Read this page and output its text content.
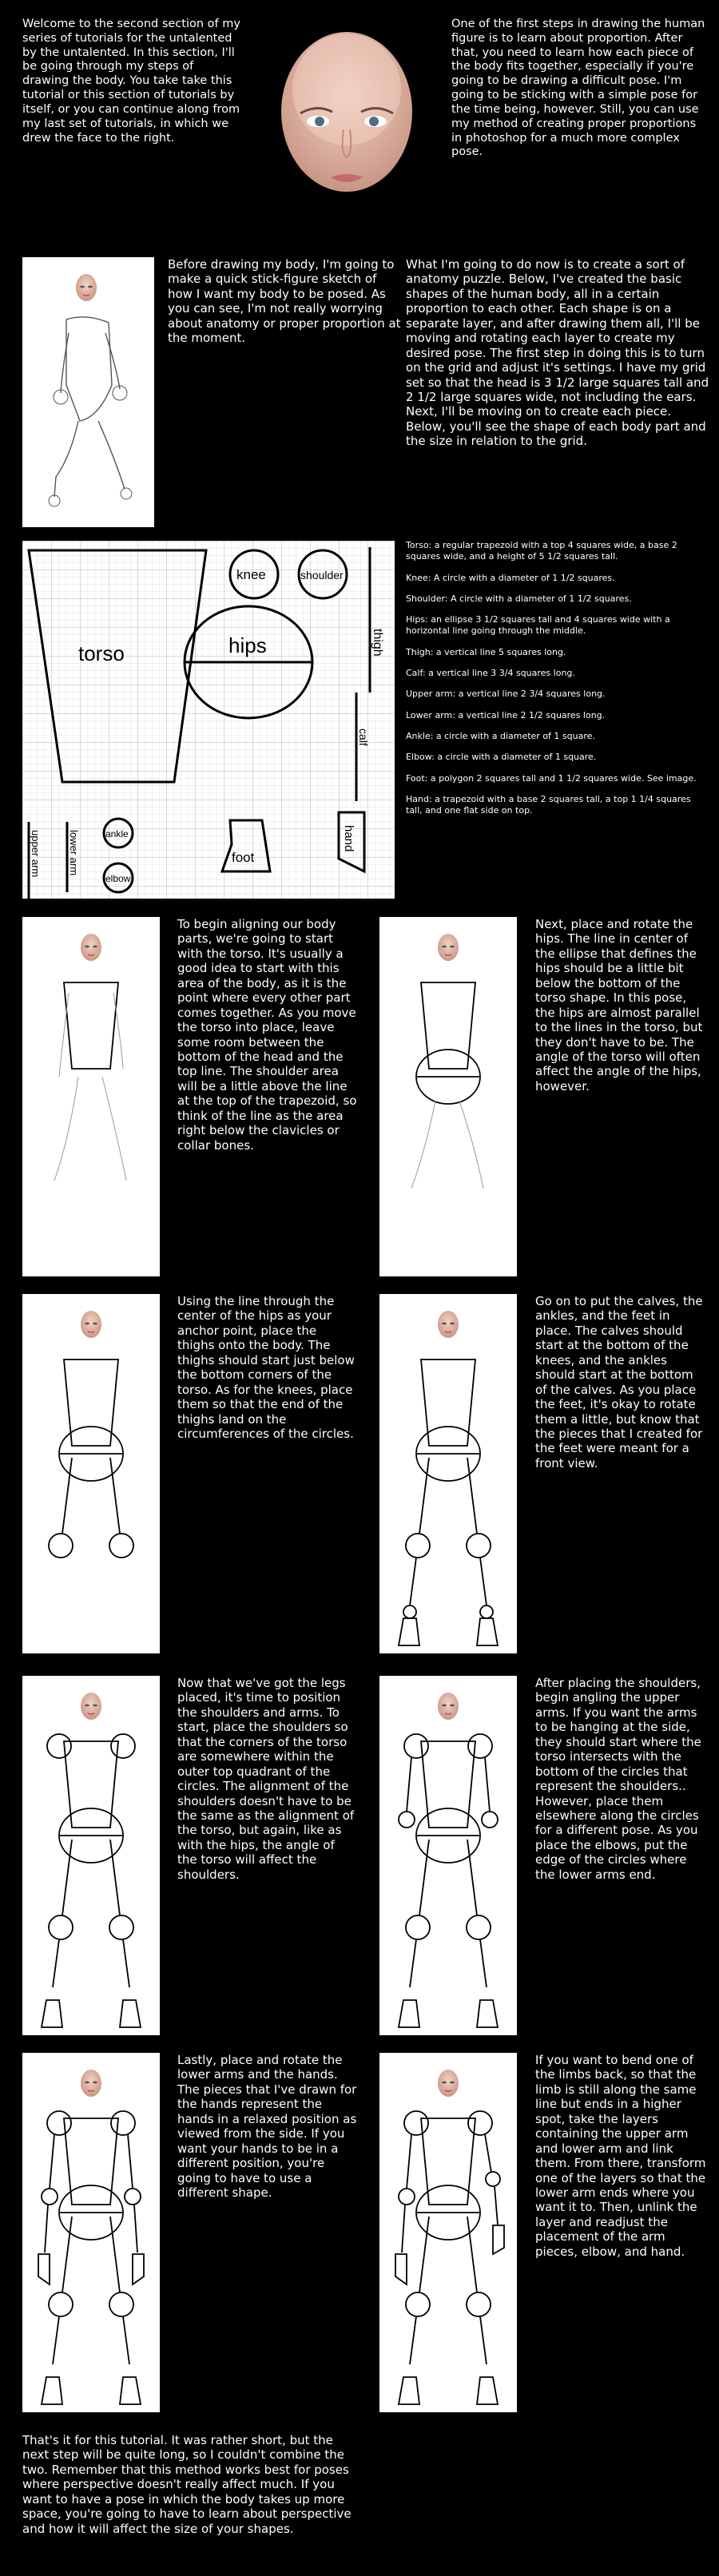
Welcome to the second section of my series of tutorials for the untalented by the untalented. In this section, I'll be going through my steps of drawing the body. You take take this tutorial or this section of tutorials by itself, or you can continue along from my last set of tutorials, in which we drew the face to the right.
One of the first steps in drawing the human figure is to learn about proportion. After that, you need to learn how each piece of the body fits together, especially if you're going to be drawing a difficult pose. I'm going to be sticking with a simple pose for the time being, however. Still, you can use my method of creating proper proportions in photoshop for a much more complex pose.
Before drawing my body, I'm going to make a quick stick-figure sketch of how I want my body to be posed. As you can see, I'm not really worrying about anatomy or proper proportion at the moment.
What I'm going to do now is to create a sort of anatomy puzzle. Below, I've created the basic shapes of the human body, all in a certain proportion to each other. Each shape is on a separate layer, and after drawing them all, I'll be moving and rotating each layer to create my desired pose. The first step in doing this is to turn on the grid and adjust it's settings. I have my grid set so that the head is 3 1/2 large squares tall and 2 1/2 large squares wide, not including the ears. Next, I'll be moving on to create each piece. Below, you'll see the shape of each body part and the size in relation to the grid.
torso	hips
knee	shoulder
thigh
calf
upper arm	lower arm	ankle
elbow
foot
hand

Torso: a regular trapezoid with a top 4 squares wide, a base 2 squares wide, and a height of 5 1/2 squares tall.

Knee: A circle with a diameter of 1 1/2 squares.

Shoulder: A circle with a diameter of 1 1/2 squares.

Hips: an ellipse 3 1/2 squares tall and 4 squares wide with a horizontal line going through the middle.

Thigh: a vertical line 5 squares long.

Calf: a vertical line 3 3/4 squares long.

Upper arm: a vertical line 2 3/4 squares long.

Lower arm: a vertical line 2 1/2 squares long.

Ankle: a circle with a diameter of 1 square.

Elbow: a circle with a diameter of 1 square.

Foot: a polygon 2 squares tall and 1 1/2 squares wide. See image.

Hand: a trapezoid with a base 2 squares tall, a top 1 1/4 squares tall, and one flat side on top.

To begin aligning our body parts, we're going to start with the torso. It's usually a good idea to start with this area of the body, as it is the point where every other part comes together. As you move the torso into place, leave some room between the bottom of the head and the top line. The shoulder area will be a little above the line at the top of the trapezoid, so think of the line as the area right below the clavicles or collar bones.
Next, place and rotate the hips. The line in center of the ellipse that defines the hips should be a little bit below the bottom of the torso shape. In this pose, the hips are almost parallel to the lines in the torso, but they don't have to be. The angle of the torso will often affect the angle of the hips, however.
Using the line through the center of the hips as your anchor point, place the thighs onto the body. The thighs should start just below the bottom corners of the torso. As for the knees, place them so that the end of the thighs land on the circumferences of the circles.
Go on to put the calves, the ankles, and the feet in place. The calves should start at the bottom of the knees, and the ankles should start at the bottom of the calves. As you place the feet, it's okay to rotate them a little, but know that the pieces that I created for the feet were meant for a front view.
Now that we've got the legs placed, it's time to position the shoulders and arms. To start, place the shoulders so that the corners of the torso are somewhere within the outer top quadrant of the circles. The alignment of the shoulders doesn't have to be the same as the alignment of the torso, but again, like as with the hips, the angle of the torso will affect the shoulders.
After placing the shoulders, begin angling the upper arms. If you want the arms to be hanging at the side, they should start where the torso intersects with the bottom of the circles that represent the shoulders.. However, place them elsewhere along the circles for a different pose. As you place the elbows, put the edge of the circles where the lower arms end.
Lastly, place and rotate the lower arms and the hands. The pieces that I've drawn for the hands represent the hands in a relaxed position as viewed from the side. If you want your hands to be in a different position, you're going to have to use a different shape.
If you want to bend one of the limbs back, so that the limb is still along the same line but ends in a higher spot, take the layers containing the upper arm and lower arm and link them. From there, transform one of the layers so that the lower arm ends where you want it to. Then, unlink the layer and readjust the placement of the arm pieces, elbow, and hand.
That's it for this tutorial. It was rather short, but the next step will be quite long, so I couldn't combine the two. Remember that this method works best for poses where perspective doesn't really affect much. If you want to have a pose in which the body takes up more space, you're going to have to learn about perspective and how it will affect the size of your shapes.
